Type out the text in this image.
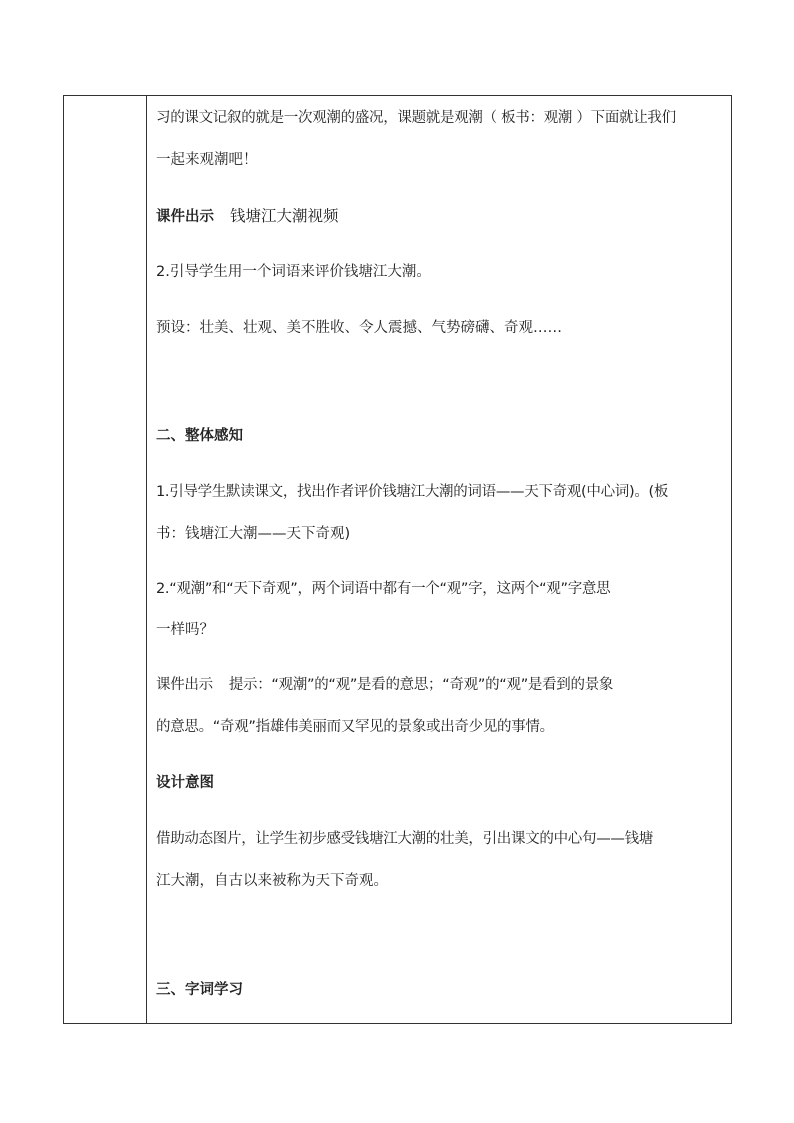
习的课文记叙的就是一次观潮的盛况，课题就是观潮（ 板书：观潮 ）下面就让我们
一起来观潮吧！
课件出示 钱塘江大潮视频
2.引导学生用一个词语来评价钱塘江大潮。
预设：壮美、壮观、美不胜收、令人震撼、气势磅礴、奇观……
二、整体感知
1.引导学生默读课文，找出作者评价钱塘江大潮的词语——天下奇观(中心词)。(板
书：钱塘江大潮——天下奇观)
2.“观潮”和“天下奇观”，两个词语中都有一个“观”字，这两个“观”字意思
一样吗？
课件出示 提示：“观潮”的“观”是看的意思；“奇观”的“观”是看到的景象
的意思。“奇观”指雄伟美丽而又罕见的景象或出奇少见的事情。
设计意图
借助动态图片，让学生初步感受钱塘江大潮的壮美，引出课文的中心句——钱塘
江大潮，自古以来被称为天下奇观。
三、字词学习
